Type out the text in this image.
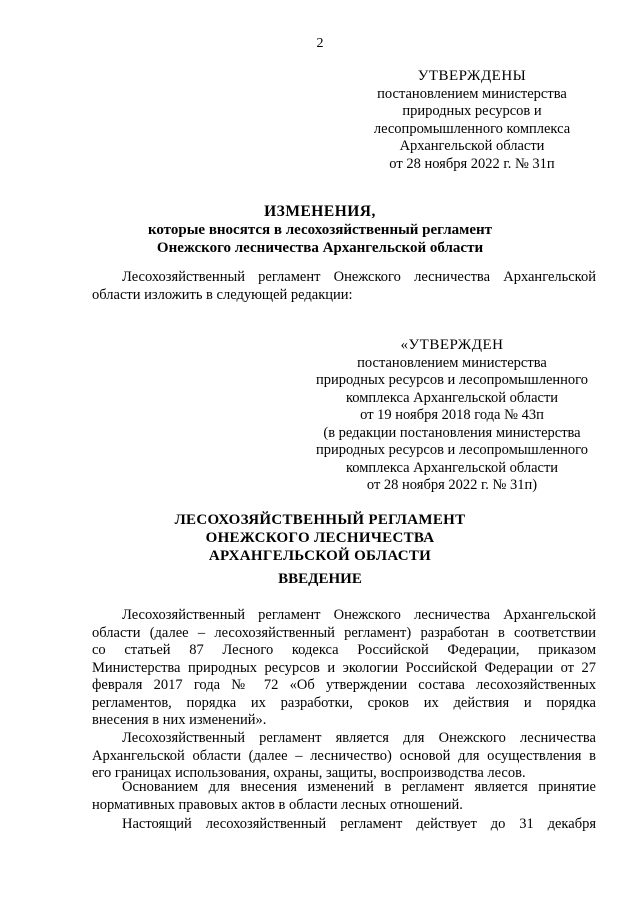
2
УТВЕРЖДЕНЫ
постановлением министерства
природных ресурсов и
лесопромышленного комплекса
Архангельской области
от 28 ноября 2022 г. № 31п
ИЗМЕНЕНИЯ,
которые вносятся в лесохозяйственный регламент
Онежского лесничества Архангельской области
Лесохозяйственный регламент Онежского лесничества Архангельской
области изложить в следующей редакции:
«УТВЕРЖДЕН
постановлением министерства
природных ресурсов и лесопромышленного
комплекса Архангельской области
от 19 ноября 2018 года № 43п
(в редакции постановления министерства
природных ресурсов и лесопромышленного
комплекса Архангельской области
от 28 ноября 2022 г. № 31п)
ЛЕСОХОЗЯЙСТВЕННЫЙ РЕГЛАМЕНТ
ОНЕЖСКОГО ЛЕСНИЧЕСТВА
АРХАНГЕЛЬСКОЙ ОБЛАСТИ
ВВЕДЕНИЕ
Лесохозяйственный регламент Онежского лесничества Архангельской
области (далее – лесохозяйственный регламент) разработан в соответствии
со статьей 87 Лесного кодекса Российской Федерации, приказом
Министерства природных ресурсов и экологии Российской Федерации от 27
февраля 2017 года № 72 «Об утверждении состава лесохозяйственных
регламентов, порядка их разработки, сроков их действия и порядка
внесения в них изменений».
Лесохозяйственный регламент является для Онежского лесничества
Архангельской области (далее – лесничество) основой для осуществления в
его границах использования, охраны, защиты, воспроизводства лесов.
Основанием для внесения изменений в регламент является принятие
нормативных правовых актов в области лесных отношений.
Настоящий лесохозяйственный регламент действует до 31 декабря
